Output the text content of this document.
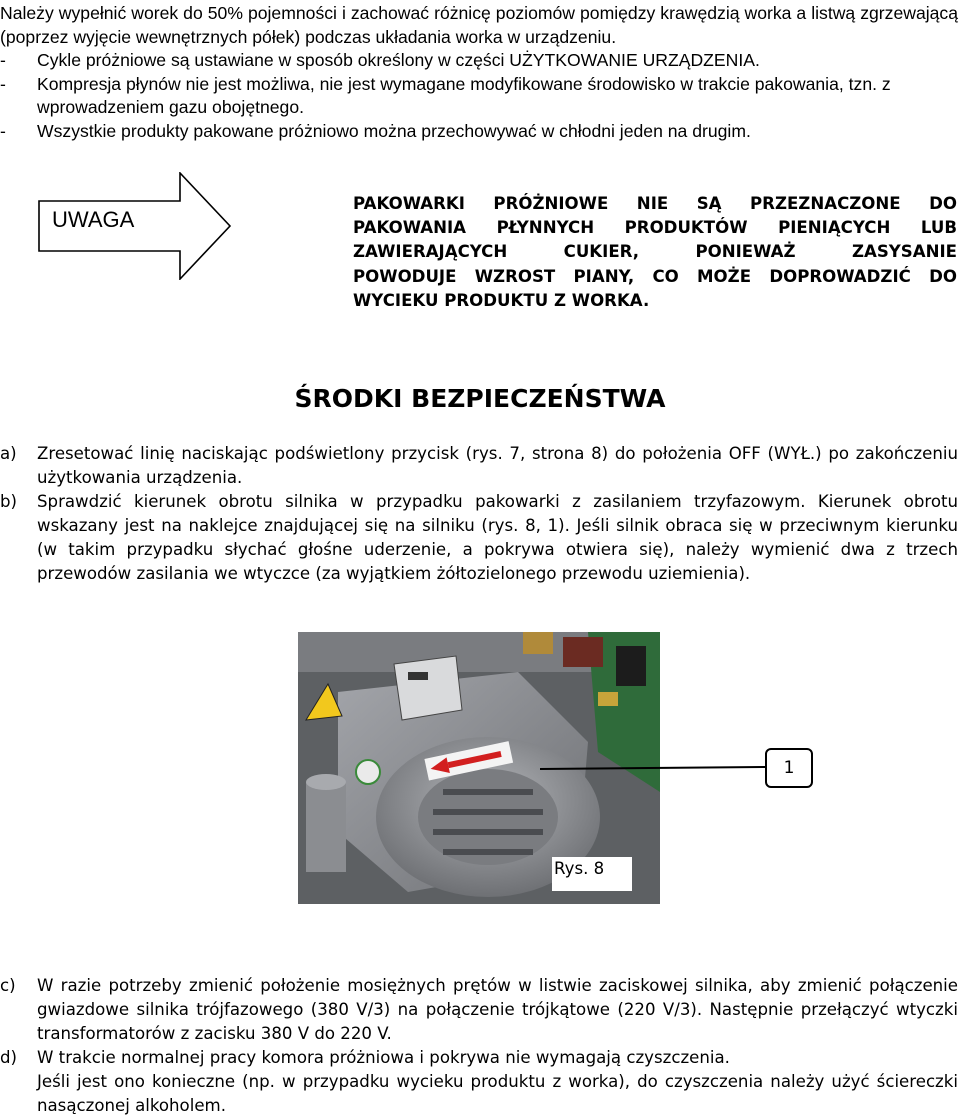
Należy wypełnić worek do 50% pojemności i zachować różnicę poziomów pomiędzy krawędzią worka a listwą zgrzewającą (poprzez wyjęcie wewnętrznych półek) podczas układania worka w urządzeniu.

-	Cykle próżniowe są ustawiane w sposób określony w części UŻYTKOWANIE URZĄDZENIA.
-	Kompresja płynów nie jest możliwa, nie jest wymagane modyfikowane środowisko w trakcie pakowania, tzn. z wprowadzeniem gazu obojętnego.
-	Wszystkie produkty pakowane próżniowo można przechowywać w chłodni jeden na drugim.
UWAGA
PAKOWARKI PRÓŻNIOWE NIE SĄ PRZEZNACZONE DO
PAKOWANIA PŁYNNYCH PRODUKTÓW PIENIĄCYCH LUB
ZAWIERAJĄCYCH CUKIER, PONIEWAŻ ZASYSANIE
POWODUJE WZROST PIANY, CO MOŻE DOPROWADZIĆ DO
WYCIEKU PRODUKTU Z WORKA.
ŚRODKI BEZPIECZEŃSTWA
a)	Zresetować linię naciskając podświetlony przycisk (rys. 7, strona 8) do położenia OFF (WYŁ.) po zakończeniu użytkowania urządzenia.
b)	Sprawdzić kierunek obrotu silnika w przypadku pakowarki z zasilaniem trzyfazowym. Kierunek obrotu wskazany jest na naklejce znajdującej się na silniku (rys. 8, 1). Jeśli silnik obraca się w przeciwnym kierunku (w takim przypadku słychać głośne uderzenie, a pokrywa otwiera się), należy wymienić dwa z trzech przewodów zasilania we wtyczce (za wyjątkiem żółtozielonego przewodu uziemienia).
1
Rys. 8
c)	W razie potrzeby zmienić położenie mosiężnych prętów w listwie zaciskowej silnika, aby zmienić połączenie gwiazdowe silnika trójfazowego (380 V/3) na połączenie trójkątowe (220 V/3). Następnie przełączyć wtyczki transformatorów z zacisku 380 V do 220 V.
d)	W trakcie normalnej pracy komora próżniowa i pokrywa nie wymagają czyszczenia.
Jeśli jest ono konieczne (np. w przypadku wycieku produktu z worka), do czyszczenia należy użyć ściereczki nasączonej alkoholem.
